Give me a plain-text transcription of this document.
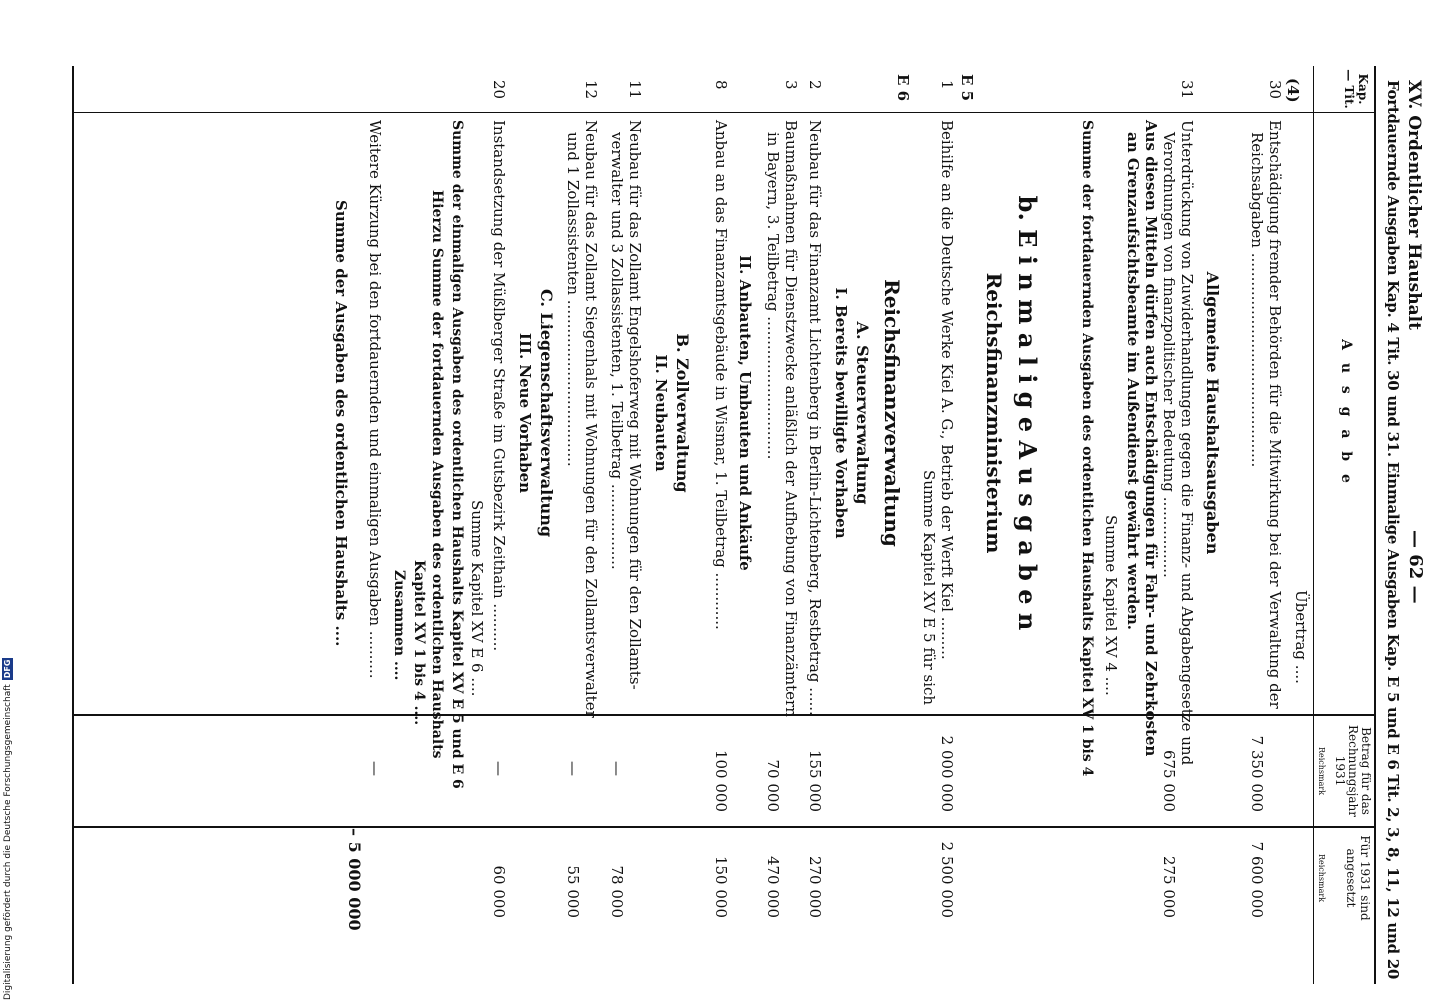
XV. Ordentlicher Haushalt
— 62 —
Fortdauernde Ausgaben Kap. 4 Tit. 30 und 31. Einmalige Ausgaben Kap. E 5 und E 6 Tit. 2, 3, 8, 11, 12 und 20
Kap. — Tit.
A u s g a b e
Betrag für das Rechnungsjahr 1931
Reichsmark
Für 1931 sind angesetzt
Reichsmark
Übertrag ....
(4)
30
Entschädigung fremder Behörden für die Mitwirkung bei der Verwaltung der
Reichsabgaben .............................................
7 350 000
7 600 000
Allgemeine Haushaltsausgaben
31
Unterdrückung von Zuwiderhandlungen gegen die Finanz- und Abgabengesetze und
Verordnungen von finanzpolitischer Bedeutung .................
Aus diesen Mitteln dürfen auch Entschädigungen für Fahr- und Zehrkosten
an Grenzaufsichtsbeamte im Außendienst gewährt werden.
675 000
275 000
Summe Kapitel XV 4 ....
Summe der fortdauernden Ausgaben des ordentlichen Haushalts Kapitel XV 1 bis 4
b. E i n m a l i g e A u s g a b e n
Reichsfinanzministerium
E 5
1
Beihilfe an die Deutsche Werke Kiel A. G., Betrieb der Werft Kiel .........
2 000 000
2 500 000
Summe Kapitel XV E 5 für sich
E 6
Reichsfinanzverwaltung
A. Steuerverwaltung
I. Bereits bewilligte Vorhaben
2
Neubau für das Finanzamt Lichtenberg in Berlin-Lichtenberg, Restbetrag ......
155 000
270 000
3
Baumaßnahmen für Dienstzwecke anläßlich der Aufhebung von Finanzämtern
in Bayern, 3. Teilbetrag ..............................
70 000
470 000
II. Anbauten, Umbauten und Ankäufe
8
Anbau an das Finanzamtsgebäude in Wismar, 1. Teilbetrag ............
100 000
150 000
B. Zollverwaltung
II. Neubauten
11
Neubau für das Zollamt Engelshoferweg mit Wohnungen für den Zollamts-
verwalter und 3 Zollassistenten, 1. Teilbetrag ..................
—
78 000
12
Neubau für das Zollamt Siegenhals mit Wohnungen für den Zollamtsverwalter
und 1 Zollassistenten ...................................
—
55 000
C. Liegenschaftsverwaltung
III. Neue Vorhaben
20
Instandsetzung der Müßlberger Straße im Gutsbezirk Zeithain ..........
—
60 000
Summe Kapitel XV E 6 ....
Summe der einmaligen Ausgaben des ordentlichen Haushalts Kapitel XV E 5 und E 6
Hierzu Summe der fortdauernden Ausgaben des ordentlichen Haushalts
Kapitel XV 1 bis 4 ....
Zusammen ....
Weitere Kürzung bei den fortdauernden und einmaligen Ausgaben ..........
—
– 5 000 000
Summe der Ausgaben des ordentlichen Haushalts ....
Digitalisierung gefördert durch die Deutsche Forschungsgemeinschaft
DFG
